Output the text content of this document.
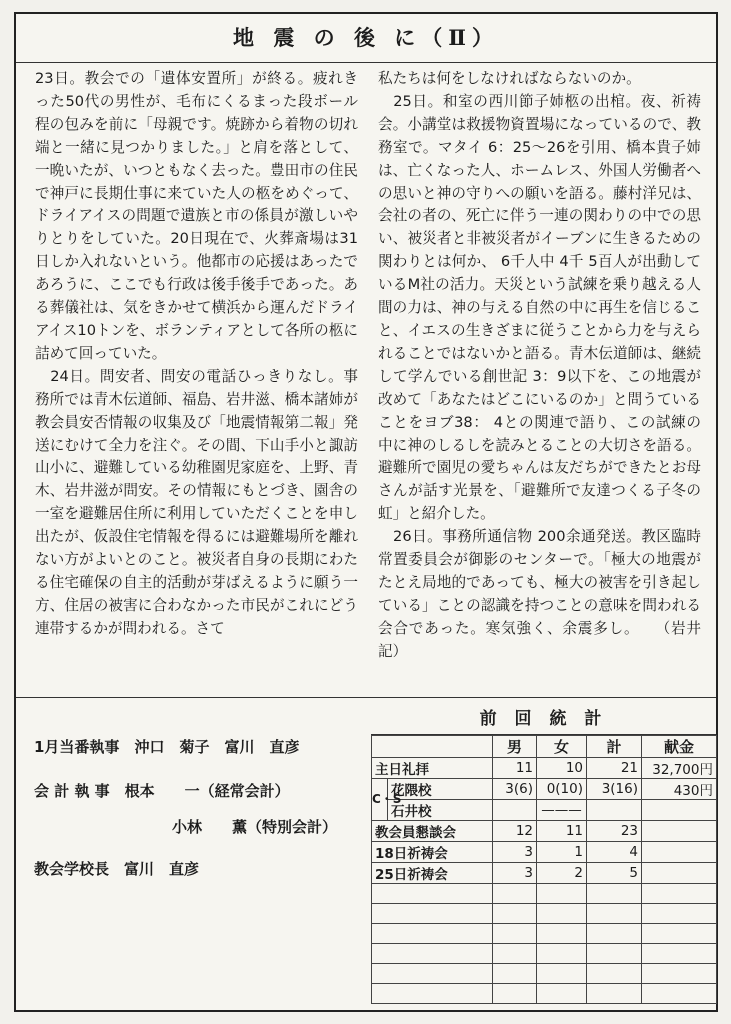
地 震 の 後 に（Ⅱ）
23日。教会での「遺体安置所」が終る。疲れきった50代の男性が、毛布にくるまった段ボール程の包みを前に「母親です。焼跡から着物の切れ端と一緒に見つかりました。」と肩を落として、一晩いたが、いつともなく去った。豊田市の住民で神戸に長期仕事に来ていた人の柩をめぐって、ドライアイスの問題で遺族と市の係員が激しいやりとりをしていた。20日現在で、火葬斎場は31日しか入れないという。他都市の応援はあったであろうに、ここでも行政は後手後手であった。ある葬儀社は、気をきかせて横浜から運んだドライアイス10トンを、ボランティアとして各所の柩に詰めて回っていた。
　24日。問安者、問安の電話ひっきりなし。事務所では青木伝道師、福島、岩井滋、橋本諸姉が教会員安否情報の収集及び「地震情報第二報」発送にむけて全力を注ぐ。その間、下山手小と諏訪山小に、避難している幼稚園児家庭を、上野、青木、岩井滋が問安。その情報にもとづき、園舎の一室を避難居住所に利用していただくことを申し出たが、仮設住宅情報を得るには避難場所を離れない方がよいとのこと。被災者自身の長期にわたる住宅確保の自主的活動が芽ばえるように願う一方、住居の被害に合わなかった市民がこれにどう連帯するかが問われる。さて
私たちは何をしなければならないのか。
　25日。和室の西川節子姉柩の出棺。夜、祈祷会。小講堂は救援物資置場になっているので、教務室で。マタイ 6：25〜26を引用、橋本貴子姉は、亡くなった人、ホームレス、外国人労働者への思いと神の守りへの願いを語る。藤村洋兄は、会社の者の、死亡に伴う一連の関わりの中での思い、被災者と非被災者がイーブンに生きるための関わりとは何か、 6千人中 4千 5百人が出動しているM社の活力。天災という試練を乗り越える人間の力は、神の与える自然の中に再生を信じること、イエスの生きざまに従うことから力を与えられることではないかと語る。青木伝道師は、継続して学んでいる創世記 3：9以下を、この地震が改めて「あなたはどこにいるのか」と問うていることをヨブ38： 4との関連で語り、この試練の中に神のしるしを読みとることの大切さを語る。避難所で園児の愛ちゃんは友だちができたとお母さんが話す光景を、「避難所で友達つくる子冬の虹」と紹介した。
　26日。事務所通信物 200余通発送。教区臨時常置委員会が御影のセンターで。「極大の地震がたとえ局地的であっても、極大の被害を引き起している」ことの認識を持つことの意味を問われる会合であった。寒気強く、余震多し。　　（岩井記）
1月当番執事　沖口　菊子　富川　直彦
会 計 執 事　根本　　一（経常会計）
小林　　薫（特別会計）
教会学校長　富川　直彦
前 回 統 計
		男	女	計	献金
主日礼拝		11	10	21	32,700円
C・S	花隈校	3(6)	0(10)	3(16)	430円
	石井校		———		
教会員懇談会		12	11	23	
18日祈祷会		3	1	4	
25日祈祷会		3	2	5	
